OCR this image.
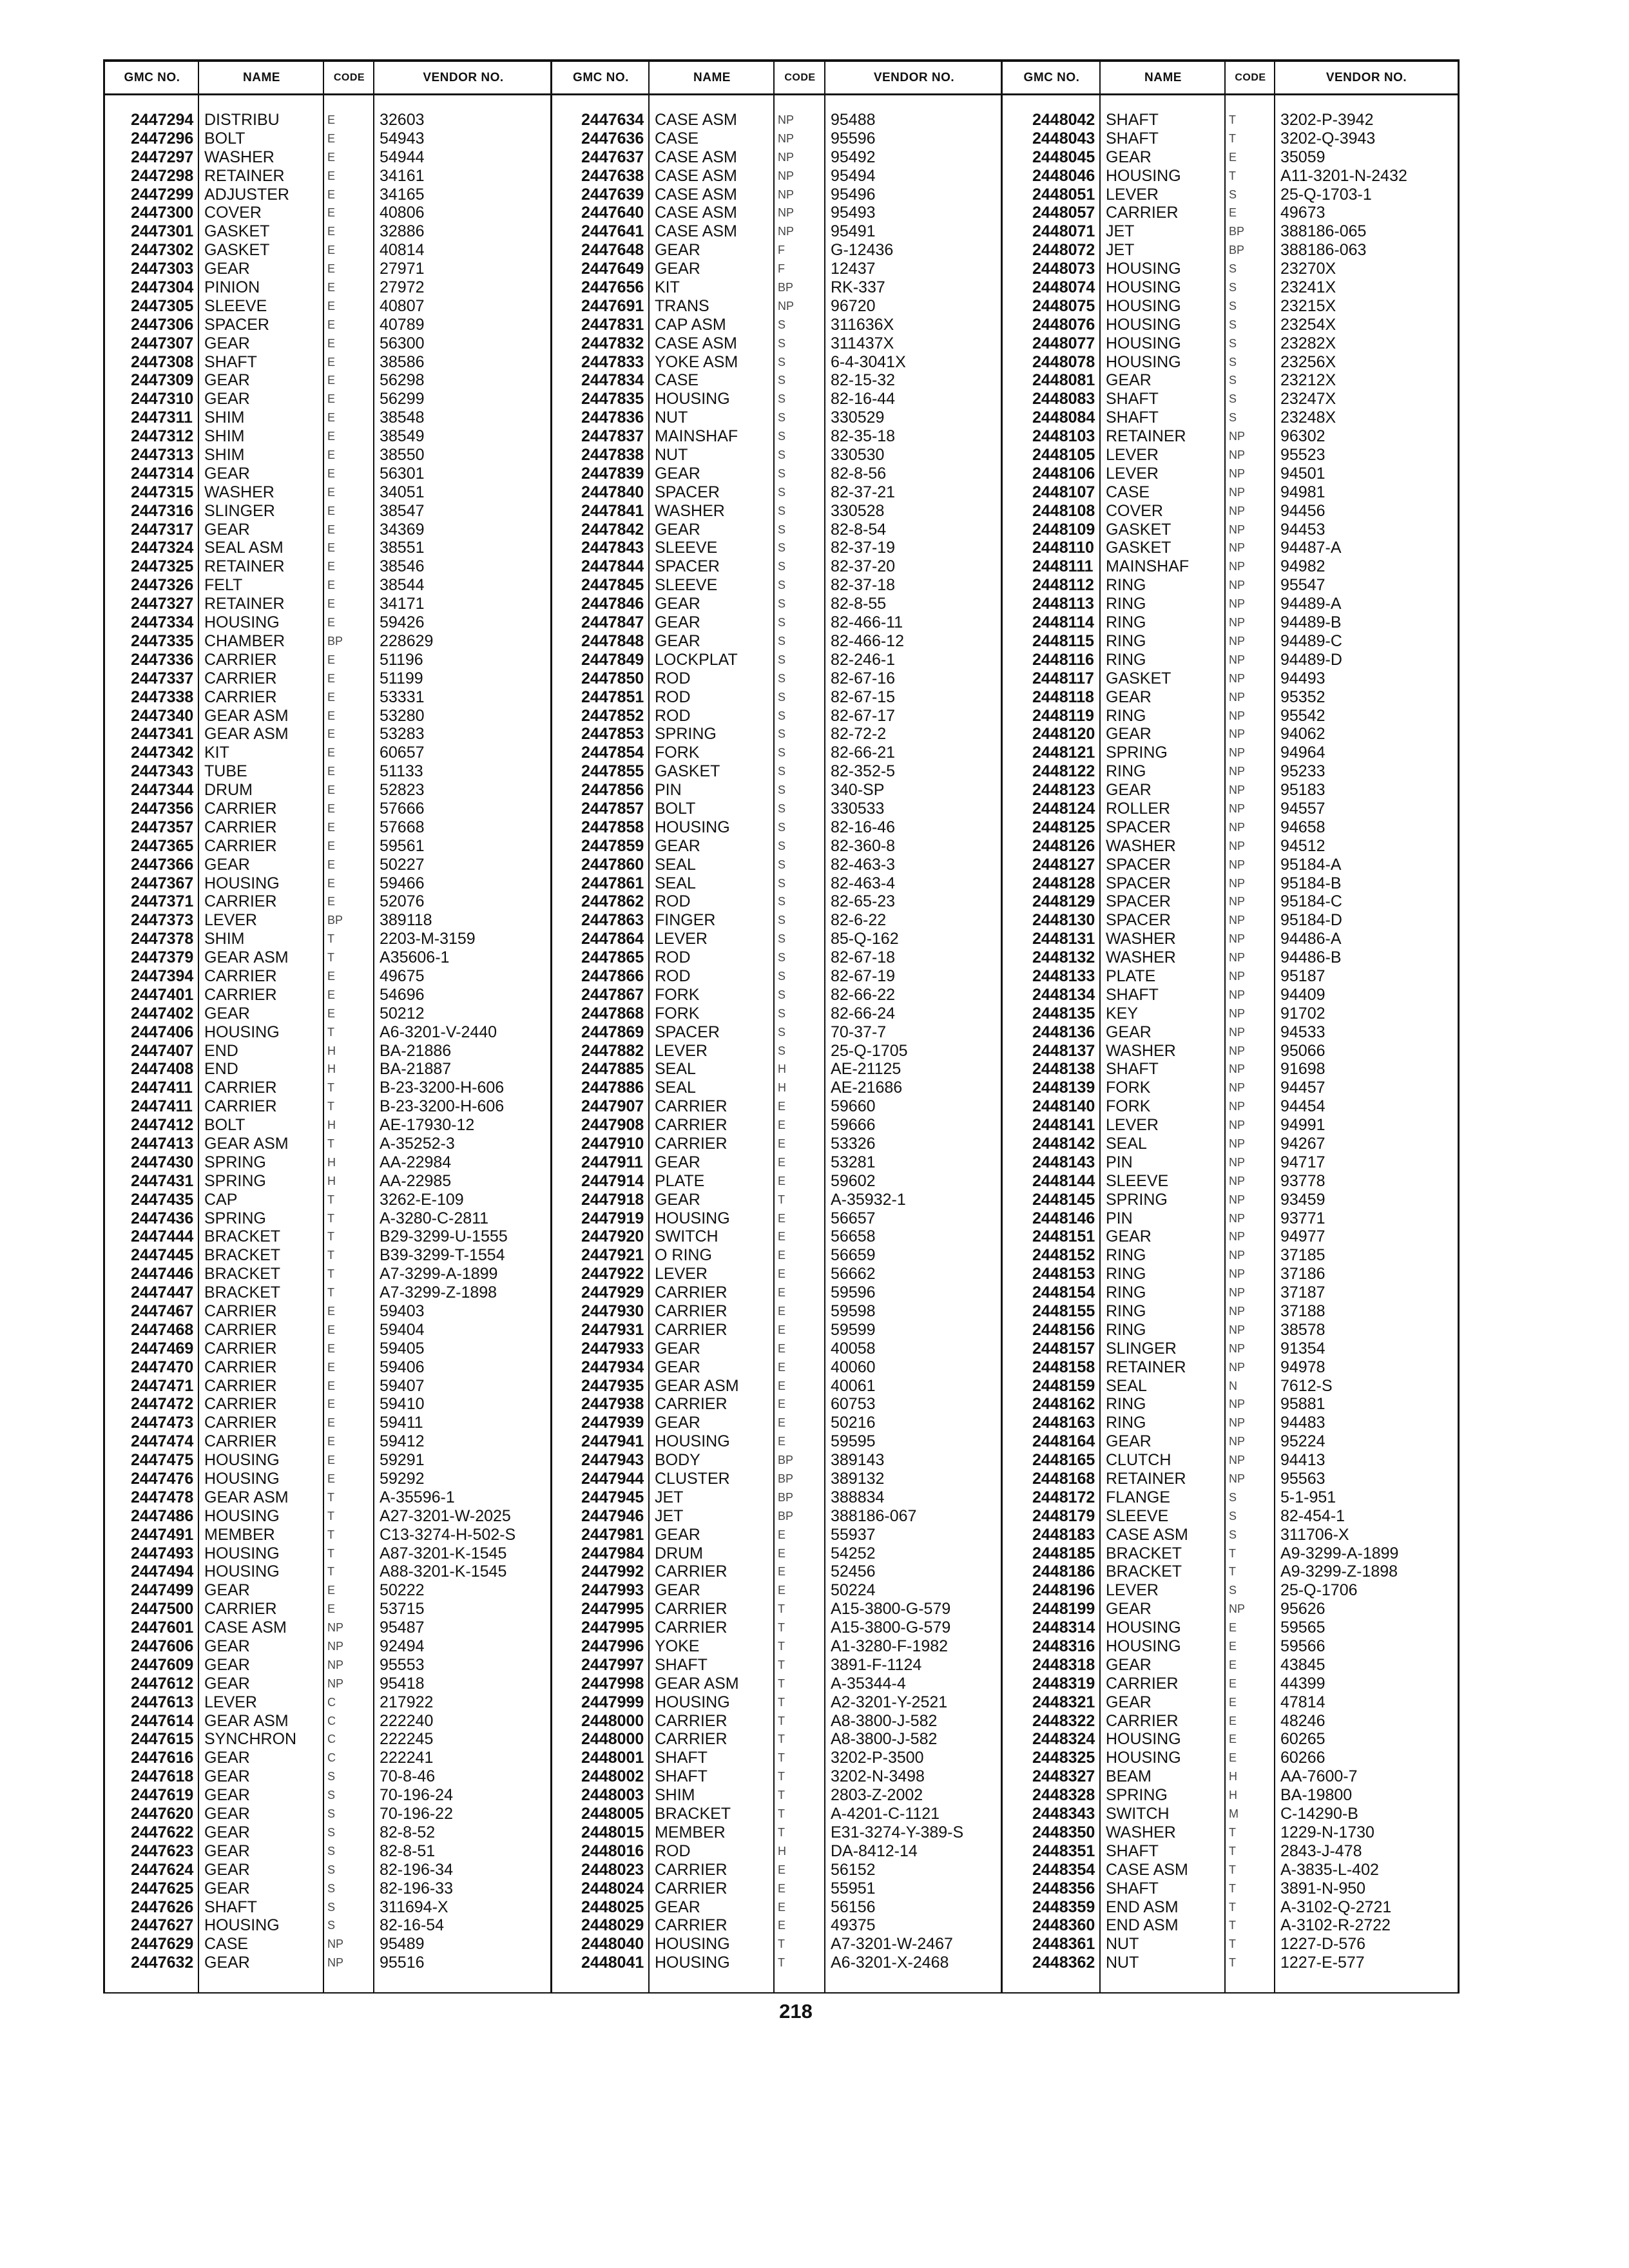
GMC NO.	NAME	CODE	VENDOR NO.
2447294 DISTRIBU	E	32603
2447296 BOLT	E	54943
2447297 WASHER	E	54944
2447298 RETAINER	E	34161
2447299 ADJUSTER	E	34165
2447300 COVER	E	40806
2447301 GASKET	E	32886
2447302 GASKET	E	40814
2447303 GEAR	E	27971
2447304 PINION	E	27972
2447305 SLEEVE	E	40807
2447306 SPACER	E	40789
2447307 GEAR	E	56300
2447308 SHAFT	E	38586
2447309 GEAR	E	56298
2447310 GEAR	E	56299
2447311 SHIM	E	38548
2447312 SHIM	E	38549
2447313 SHIM	E	38550
2447314 GEAR	E	56301
2447315 WASHER	E	34051
2447316 SLINGER	E	38547
2447317 GEAR	E	34369
2447324 SEAL ASM	E	38551
2447325 RETAINER	E	38546
2447326 FELT	E	38544
2447327 RETAINER	E	34171
2447334 HOUSING	E	59426
2447335 CHAMBER	BP 228629
2447336 CARRIER	E	51196
2447337 CARRIER	E	51199
2447338 CARRIER	E	53331
2447340 GEAR ASM	E	53280
2447341 GEAR ASM	E	53283
2447342 KIT	E	60657
2447343 TUBE	E	51133
2447344 DRUM	E	52823
2447356 CARRIER	E	57666
2447357 CARRIER	E	57668
2447365 CARRIER	E	59561
2447366 GEAR	E	50227
2447367 HOUSING	E	59466
2447371 CARRIER	E	52076
2447373 LEVER	BP 389118
2447378 SHIM	T	2203-M-3159
2447379 GEAR ASM	T	A35606-1
2447394 CARRIER	E	49675
2447401 CARRIER	E	54696
2447402 GEAR	E	50212
2447406 HOUSING	T	A6-3201-V-2440
2447407 END	H	BA-21886
2447408 END	H	BA-21887
2447411 CARRIER	T	B-23-3200-H-606
2447411 CARRIER	T	B-23-3200-H-606
2447412 BOLT	H	AE-17930-12
2447413 GEAR ASM	T	A-35252-3
2447430 SPRING	H	AA-22984
2447431 SPRING	H	AA-22985
2447435 CAP	T	3262-E-109
2447436 SPRING	T	A-3280-C-2811
2447444 BRACKET	T	B29-3299-U-1555
2447445 BRACKET	T	B39-3299-T-1554
2447446 BRACKET	T	A7-3299-A-1899
2447447 BRACKET	T	A7-3299-Z-1898
2447467 CARRIER	E	59403
2447468 CARRIER	E	59404
2447469 CARRIER	E	59405
2447470 CARRIER	E	59406
2447471 CARRIER	E	59407
2447472 CARRIER	E	59410
2447473 CARRIER	E	59411
2447474 CARRIER	E	59412
2447475 HOUSING	E	59291
2447476 HOUSING	E	59292
2447478 GEAR ASM	T	A-35596-1
2447486 HOUSING	T	A27-3201-W-2025
2447491 MEMBER	T	C13-3274-H-502-S
2447493 HOUSING	T	A87-3201-K-1545
2447494 HOUSING	T	A88-3201-K-1545
2447499 GEAR	E	50222
2447500 CARRIER	E	53715
2447601 CASE ASM	NP 95487
2447606 GEAR	NP 92494
2447609 GEAR	NP 95553
2447612 GEAR	NP 95418
2447613 LEVER	C	217922
2447614 GEAR ASM	C	222240
2447615 SYNCHRON	C	222245
2447616 GEAR	C	222241
2447618 GEAR	S	70-8-46
2447619 GEAR	S	70-196-24
2447620 GEAR	S	70-196-22
2447622 GEAR	S	82-8-52
2447623 GEAR	S	82-8-51
2447624 GEAR	S	82-196-34
2447625 GEAR	S	82-196-33
2447626 SHAFT	S	311694-X
2447627 HOUSING	S	82-16-54
2447629 CASE	NP 95489
2447632 GEAR	NP 95516
GMC NO.	NAME	CODE	VENDOR NO.
2447634 CASE ASM	NP 95488
2447636 CASE	NP 95596
2447637 CASE ASM	NP 95492
2447638 CASE ASM	NP 95494
2447639 CASE ASM	NP 95496
2447640 CASE ASM	NP 95493
2447641 CASE ASM	NP 95491
2447648 GEAR	F	G-12436
2447649 GEAR	F	12437
2447656 KIT	BP RK-337
2447691 TRANS	NP 96720
2447831 CAP ASM	S	311636X
2447832 CASE ASM	S	311437X
2447833 YOKE ASM	S	6-4-3041X
2447834 CASE	S	82-15-32
2447835 HOUSING	S	82-16-44
2447836 NUT	S	330529
2447837 MAINSHAF	S	82-35-18
2447838 NUT	S	330530
2447839 GEAR	S	82-8-56
2447840 SPACER	S	82-37-21
2447841 WASHER	S	330528
2447842 GEAR	S	82-8-54
2447843 SLEEVE	S	82-37-19
2447844 SPACER	S	82-37-20
2447845 SLEEVE	S	82-37-18
2447846 GEAR	S	82-8-55
2447847 GEAR	S	82-466-11
2447848 GEAR	S	82-466-12
2447849 LOCKPLAT	S	82-246-1
2447850 ROD	S	82-67-16
2447851 ROD	S	82-67-15
2447852 ROD	S	82-67-17
2447853 SPRING	S	82-72-2
2447854 FORK	S	82-66-21
2447855 GASKET	S	82-352-5
2447856 PIN	S	340-SP
2447857 BOLT	S	330533
2447858 HOUSING	S	82-16-46
2447859 GEAR	S	82-360-8
2447860 SEAL	S	82-463-3
2447861 SEAL	S	82-463-4
2447862 ROD	S	82-65-23
2447863 FINGER	S	82-6-22
2447864 LEVER	S	85-Q-162
2447865 ROD	S	82-67-18
2447866 ROD	S	82-67-19
2447867 FORK	S	82-66-22
2447868 FORK	S	82-66-24
2447869 SPACER	S	70-37-7
2447882 LEVER	S	25-Q-1705
2447885 SEAL	H	AE-21125
2447886 SEAL	H	AE-21686
2447907 CARRIER	E	59660
2447908 CARRIER	E	59666
2447910 CARRIER	E	53326
2447911 GEAR	E	53281
2447914 PLATE	E	59602
2447918 GEAR	T	A-35932-1
2447919 HOUSING	E	56657
2447920 SWITCH	E	56658
2447921 O RING	E	56659
2447922 LEVER	E	56662
2447929 CARRIER	E	59596
2447930 CARRIER	E	59598
2447931 CARRIER	E	59599
2447933 GEAR	E	40058
2447934 GEAR	E	40060
2447935 GEAR ASM	E	40061
2447938 CARRIER	E	60753
2447939 GEAR	E	50216
2447941 HOUSING	E	59595
2447943 BODY	BP 389143
2447944 CLUSTER	BP 389132
2447945 JET	BP 388834
2447946 JET	BP 388186-067
2447981 GEAR	E	55937
2447984 DRUM	E	54252
2447992 CARRIER	E	52456
2447993 GEAR	E	50224
2447995 CARRIER	T	A15-3800-G-579
2447995 CARRIER	T	A15-3800-G-579
2447996 YOKE	T	A1-3280-F-1982
2447997 SHAFT	T	3891-F-1124
2447998 GEAR ASM	T	A-35344-4
2447999 HOUSING	T	A2-3201-Y-2521
2448000 CARRIER	T	A8-3800-J-582
2448000 CARRIER	T	A8-3800-J-582
2448001 SHAFT	T	3202-P-3500
2448002 SHAFT	T	3202-N-3498
2448003 SHIM	T	2803-Z-2002
2448005 BRACKET	T	A-4201-C-1121
2448015 MEMBER	T	E31-3274-Y-389-S
2448016 ROD	H	DA-8412-14
2448023 CARRIER	E	56152
2448024 CARRIER	E	55951
2448025 GEAR	E	56156
2448029 CARRIER	E	49375
2448040 HOUSING	T	A7-3201-W-2467
2448041 HOUSING	T	A6-3201-X-2468
GMC NO.	NAME	CODE	VENDOR NO.
2448042 SHAFT	T	3202-P-3942
2448043 SHAFT	T	3202-Q-3943
2448045 GEAR	E	35059
2448046 HOUSING	T	A11-3201-N-2432
2448051 LEVER	S	25-Q-1703-1
2448057 CARRIER	E	49673
2448071 JET	BP 388186-065
2448072 JET	BP 388186-063
2448073 HOUSING	S	23270X
2448074 HOUSING	S	23241X
2448075 HOUSING	S	23215X
2448076 HOUSING	S	23254X
2448077 HOUSING	S	23282X
2448078 HOUSING	S	23256X
2448081 GEAR	S	23212X
2448083 SHAFT	S	23247X
2448084 SHAFT	S	23248X
2448103 RETAINER	NP 96302
2448105 LEVER	NP 95523
2448106 LEVER	NP 94501
2448107 CASE	NP 94981
2448108 COVER	NP 94456
2448109 GASKET	NP 94453
2448110 GASKET	NP 94487-A
2448111 MAINSHAF	NP 94982
2448112 RING	NP 95547
2448113 RING	NP 94489-A
2448114 RING	NP 94489-B
2448115 RING	NP 94489-C
2448116 RING	NP 94489-D
2448117 GASKET	NP 94493
2448118 GEAR	NP 95352
2448119 RING	NP 95542
2448120 GEAR	NP 94062
2448121 SPRING	NP 94964
2448122 RING	NP 95233
2448123 GEAR	NP 95183
2448124 ROLLER	NP 94557
2448125 SPACER	NP 94658
2448126 WASHER	NP 94512
2448127 SPACER	NP 95184-A
2448128 SPACER	NP 95184-B
2448129 SPACER	NP 95184-C
2448130 SPACER	NP 95184-D
2448131 WASHER	NP 94486-A
2448132 WASHER	NP 94486-B
2448133 PLATE	NP 95187
2448134 SHAFT	NP 94409
2448135 KEY	NP 91702
2448136 GEAR	NP 94533
2448137 WASHER	NP 95066
2448138 SHAFT	NP 91698
2448139 FORK	NP 94457
2448140 FORK	NP 94454
2448141 LEVER	NP 94991
2448142 SEAL	NP 94267
2448143 PIN	NP 94717
2448144 SLEEVE	NP 93778
2448145 SPRING	NP 93459
2448146 PIN	NP 93771
2448151 GEAR	NP 94977
2448152 RING	NP 37185
2448153 RING	NP 37186
2448154 RING	NP 37187
2448155 RING	NP 37188
2448156 RING	NP 38578
2448157 SLINGER	NP 91354
2448158 RETAINER	NP 94978
2448159 SEAL	N	7612-S
2448162 RING	NP 95881
2448163 RING	NP 94483
2448164 GEAR	NP 95224
2448165 CLUTCH	NP 94413
2448168 RETAINER	NP 95563
2448172 FLANGE	S	5-1-951
2448179 SLEEVE	S	82-454-1
2448183 CASE ASM	S	311706-X
2448185 BRACKET	T	A9-3299-A-1899
2448186 BRACKET	T	A9-3299-Z-1898
2448196 LEVER	S	25-Q-1706
2448199 GEAR	NP 95626
2448314 HOUSING	E	59565
2448316 HOUSING	E	59566
2448318 GEAR	E	43845
2448319 CARRIER	E	44399
2448321 GEAR	E	47814
2448322 CARRIER	E	48246
2448324 HOUSING	E	60265
2448325 HOUSING	E	60266
2448327 BEAM	H	AA-7600-7
2448328 SPRING	H	BA-19800
2448343 SWITCH	M	C-14290-B
2448350 WASHER	T	1229-N-1730
2448351 SHAFT	T	2843-J-478
2448354 CASE ASM	T	A-3835-L-402
2448356 SHAFT	T	3891-N-950
2448359 END ASM	T	A-3102-Q-2721
2448360 END ASM	T	A-3102-R-2722
2448361 NUT	T	1227-D-576
2448362 NUT	T	1227-E-577
218
